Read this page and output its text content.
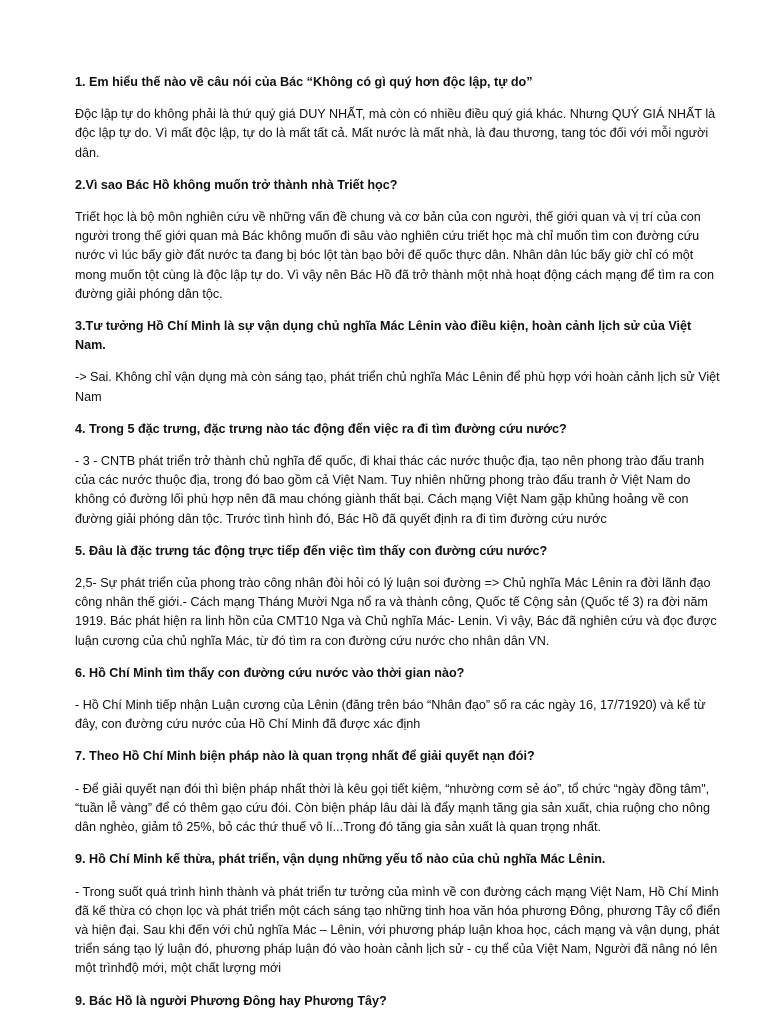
1. Em hiểu thế nào về câu nói của Bác “Không có gì quý hơn độc lập, tự do”
Độc lập tự do không phải là thứ quý giá DUY NHẤT, mà còn có nhiều điều quý giá khác. Nhưng QUÝ GIÁ NHẤT là độc lập tự do. Vì mất độc lập, tự do là mất tất cả. Mất nước là mất nhà, là đau thương, tang tóc đối với mỗi người dân.
2.Vì sao Bác Hồ không muốn trở thành nhà Triết học?
Triết học là bộ môn nghiên cứu về những vấn đề chung và cơ bản của con người, thế giới quan và vị trí của con người trong thế giới quan mà Bác không muốn đi sâu vào nghiên cứu triết học mà chỉ muốn tìm con đường cứu nước vì lúc bấy giờ đất nước ta đang bị bóc lột tàn bạo bởi đế quốc thực dân. Nhân dân lúc bấy giờ chỉ có một mong muốn tột cùng là độc lập tự do. Vì vậy nên Bác Hồ đã trở thành một nhà hoạt động cách mạng để tìm ra con đường giải phóng dân tộc.
3.Tư tưởng Hồ Chí Minh là sự vận dụng chủ nghĩa Mác Lênin vào điều kiện, hoàn cảnh lịch sử của Việt Nam.
-> Sai. Không chỉ vận dụng mà còn sáng tạo, phát triển chủ nghĩa Mác Lênin để phù hợp với hoàn cảnh lịch sử Việt Nam
4. Trong 5 đặc trưng, đặc trưng nào tác động đến việc ra đi tìm đường cứu nước?
- 3 - CNTB phát triển trở thành chủ nghĩa đế quốc, đi khai thác các nước thuộc địa, tạo nên phong trào đấu tranh của các nước thuộc địa, trong đó bao gồm cả Việt Nam. Tuy nhiên những phong trào đấu tranh ở Việt Nam do không có đường lối phù hợp nên đã mau chóng giành thất bại. Cách mạng Việt Nam gặp khủng hoảng về con đường giải phóng dân tộc. Trước tình hình đó, Bác Hồ đã quyết định ra đi tìm đường cứu nước
5. Đâu là đặc trưng tác động trực tiếp đến việc tìm thấy con đường cứu nước?
2,5- Sự phát triển của phong trào công nhân đòi hỏi có lý luận soi đường => Chủ nghĩa Mác Lênin ra đời lãnh đạo công nhân thế giới.- Cách mạng Tháng Mười Nga nổ ra và thành công, Quốc tế Cộng sản (Quốc tế 3) ra đời năm 1919. Bác phát hiện ra linh hồn của CMT10 Nga và Chủ nghĩa Mác- Lenin. Vì vậy, Bác đã nghiên cứu và đọc được luận cương của chủ nghĩa Mác, từ đó tìm ra con đường cứu nước cho nhân dân VN.
6. Hồ Chí Minh tìm thấy con đường cứu nước vào thời gian nào?
- Hồ Chí Minh tiếp nhận Luận cương của Lênin (đăng trên báo “Nhân đạo” số ra các ngày 16, 17/71920) và kể từ đây, con đường cứu nước của Hồ Chí Minh đã được xác định
7. Theo Hồ Chí Minh biện pháp nào là quan trọng nhất để giải quyết nạn đói?
- Để giải quyết nạn đói thì biện pháp nhất thời là kêu gọi tiết kiệm, “nhường cơm sẻ áo”, tổ chức “ngày đồng tâm", “tuần lễ vàng” để có thêm gạo cứu đói. Còn biện pháp lâu dài là đẩy mạnh tăng gia sản xuất, chia ruộng cho nông dân nghèo, giảm tô 25%, bỏ các thứ thuế vô lí...Trong đó tăng gia sản xuất là quan trọng nhất.
9. Hồ Chí Minh kế thừa, phát triển, vận dụng những yếu tố nào của chủ nghĩa Mác Lênin.
- Trong suốt quá trình hình thành và phát triển tư tưởng của mình về con đường cách mạng Việt Nam, Hồ Chí Minh đã kế thừa có chọn lọc và phát triển một cách sáng tạo những tinh hoa văn hóa phương Đông, phương Tây cổ điển và hiện đại. Sau khi đến với chủ nghĩa Mác – Lênin, với phương pháp luận khoa học, cách mạng và vận dụng, phát triển sáng tạo lý luận đó, phương pháp luận đó vào hoàn cảnh lịch sử - cụ thể của Việt Nam, Người đã nâng nó lên một trìnhđộ mới, một chất lượng mới
9. Bác Hồ là người Phương Đông hay Phương Tây?
